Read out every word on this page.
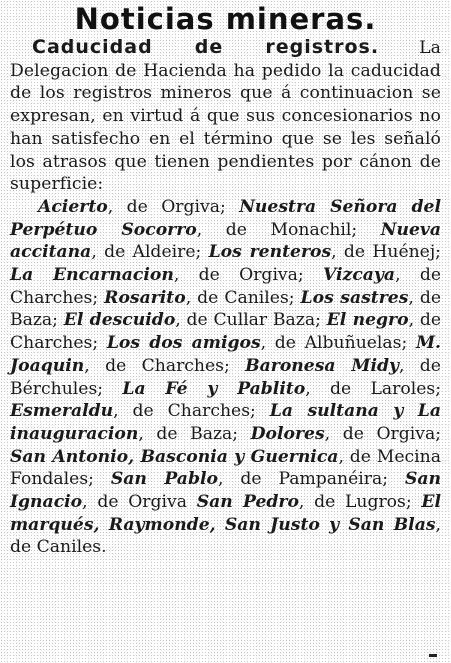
Noticias mineras.

Caducidad de registros. La Delegacion de Hacienda ha pedido la caducidad de los registros mineros que á continuacion se expresan, en virtud á que sus concesionarios no han satisfecho en el término que se les señaló los atrasos que tienen pendientes por cánon de superficie:

Acierto, de Orgiva; Nuestra Señora del Perpétuo Socorro, de Monachil; Nueva accitana, de Aldeire; Los renteros, de Huénej; La Encarnacion, de Orgiva; Vizcaya, de Charches; Rosarito, de Caniles; Los sastres, de Baza; El descuido, de Cullar Baza; El negro, de Charches; Los dos amigos, de Albuñuelas; M. Joaquin, de Charches; Baronesa Midy, de Bérchules; La Fé y Pablito, de Laroles; Esmeraldu, de Charches; La sultana y La inauguracion, de Baza; Dolores, de Orgiva; San Antonio, Basconia y Guernica, de Mecina Fondales; San Pablo, de Pampanéira; San Ignacio, de Orgiva San Pedro, de Lugros; El marqués, Raymonde, San Justo y San Blas, de Caniles.
